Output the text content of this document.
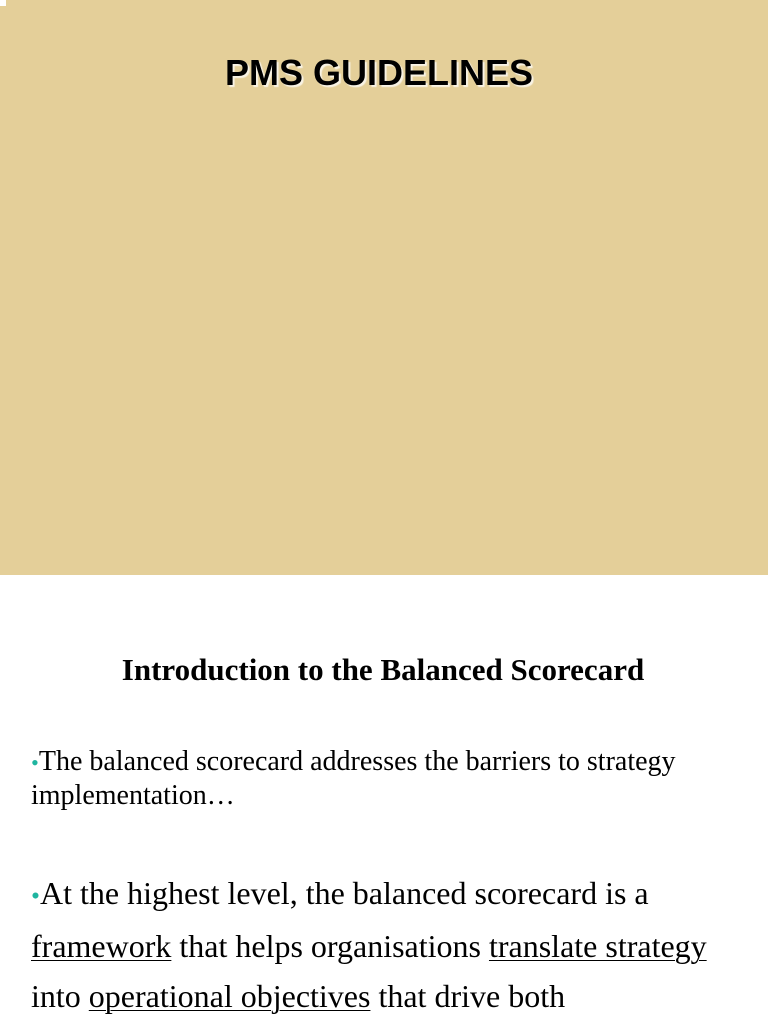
PMS GUIDELINES
Introduction to the Balanced Scorecard
•The balanced scorecard addresses the barriers to strategy implementation…
•At the highest level, the balanced scorecard is a framework that helps organisations translate strategy into operational objectives that drive both
